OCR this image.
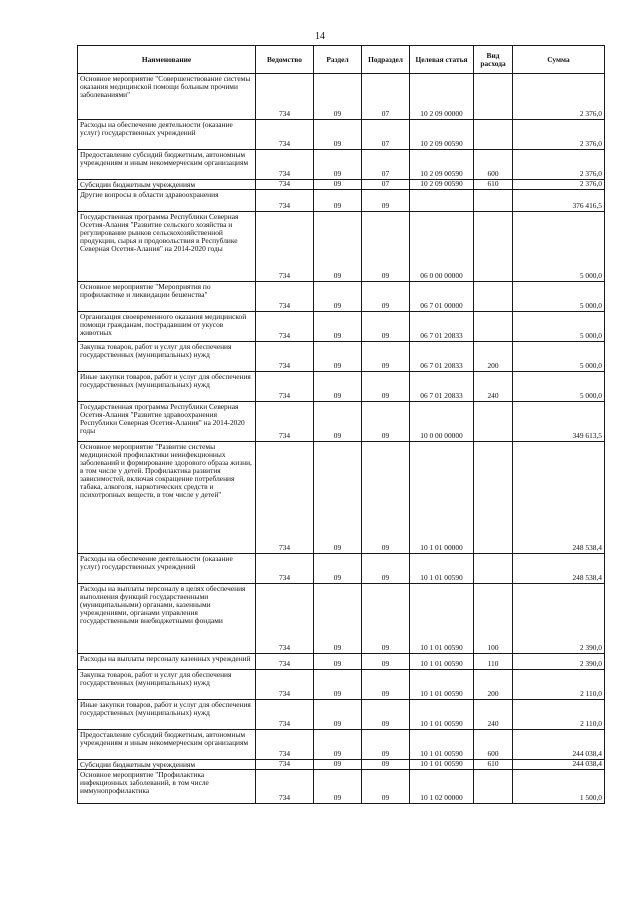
14
Наименование	Ведомство	Раздел	Подраздел	Целевая статья	Вид расхода	Сумма
Основное мероприятие "Совершенствование системы оказания медицинской помощи больным прочими заболеваниями"	734	09	07	10 2 09 00000		2 376,0
Расходы на обеспечение деятельности (оказание услуг) государственных учреждений	734	09	07	10 2 09 00590		2 376,0
Предоставление субсидий бюджетным, автономным учреждениям и иным некоммерческим организациям	734	09	07	10 2 09 00590	600	2 376,0
Субсидии бюджетным учреждениям	734	09	07	10 2 09 00590	610	2 376,0
Другие вопросы в области здравоохранения	734	09	09			376 416,5
Государственная программа Республики Северная Осетия-Алания "Развитие сельского хозяйства и регулирование рынков сельскохозяйственной продукции, сырья и продовольствия в Республике Северная Осетия-Алания" на 2014-2020 годы	734	09	09	06 0 00 00000		5 000,0
Основное мероприятие "Мероприятия по профилактике и ликвидации бешенства"	734	09	09	06 7 01 00000		5 000,0
Организация своевременного оказания медицинской помощи гражданам, пострадавшим от укусов животных	734	09	09	06 7 01 20833		5 000,0
Закупка товаров, работ и услуг для обеспечения государственных (муниципальных) нужд	734	09	09	06 7 01 20833	200	5 000,0
Иные закупки товаров, работ и услуг для обеспечения государственных (муниципальных) нужд	734	09	09	06 7 01 20833	240	5 000,0
Государственная программа Республики Северная Осетия-Алания "Развитие здравоохранения Республики Северная Осетия-Алания" на 2014-2020 годы	734	09	09	10 0 00 00000		349 613,5
Основное мероприятие "Развитие системы медицинской профилактики неинфекционных заболеваний и формирование здорового образа жизни, в том числе у детей. Профилактика развития зависимостей, включая сокращение потребления табака, алкоголя, наркотических средств и психотропных веществ, в том числе у детей"	734	09	09	10 1 01 00000		248 538,4
Расходы на обеспечение деятельности (оказание услуг) государственных учреждений	734	09	09	10 1 01 00590		248 538,4
Расходы на выплаты персоналу в целях обеспечения выполнения функций государственными (муниципальными) органами, казенными учреждениями, органами управления государственными внебюджетными фондами	734	09	09	10 1 01 00590	100	2 390,0
Расходы на выплаты персоналу казенных учреждений	734	09	09	10 1 01 00590	110	2 390,0
Закупка товаров, работ и услуг для обеспечения государственных (муниципальных) нужд	734	09	09	10 1 01 00590	200	2 110,0
Иные закупки товаров, работ и услуг для обеспечения государственных (муниципальных) нужд	734	09	09	10 1 01 00590	240	2 110,0
Предоставление субсидий бюджетным, автономным учреждениям и иным некоммерческим организациям	734	09	09	10 1 01 00590	600	244 038,4
Субсидии бюджетным учреждениям	734	09	09	10 1 01 00590	610	244 038,4
Основное мероприятие "Профилактика инфекционных заболеваний, в том числе иммунопрофилактика	734	09	09	10 1 02 00000		1 500,0
